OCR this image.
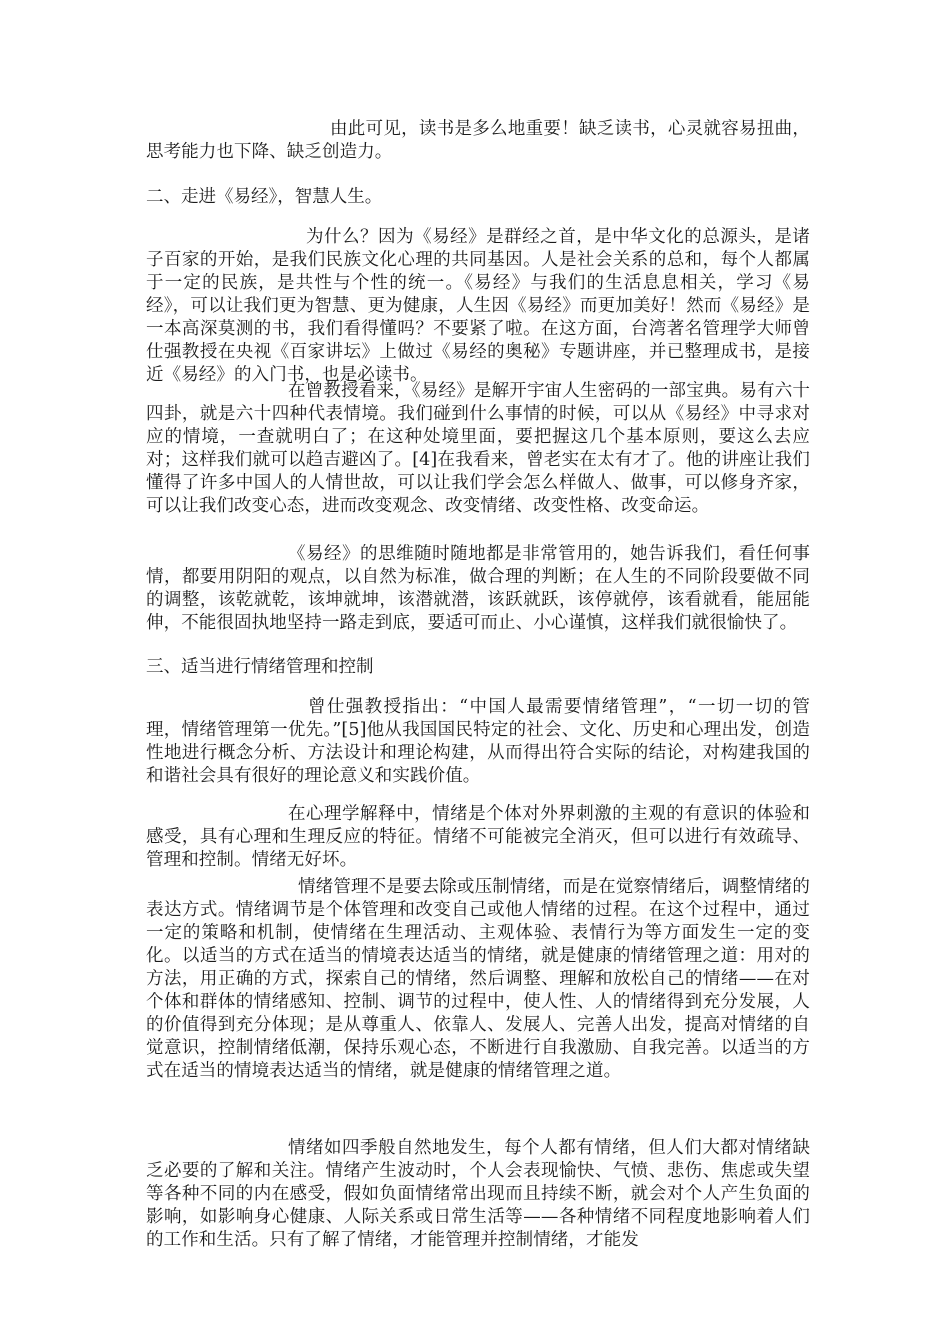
由此可见，读书是多么地重要！缺乏读书，心灵就容易扭曲，思考能力也下降、缺乏创造力。

二、走进《易经》，智慧人生。

为什么？因为《易经》是群经之首，是中华文化的总源头，是诸子百家的开始，是我们民族文化心理的共同基因。人是社会关系的总和，每个人都属于一定的民族，是共性与个性的统一。《易经》与我们的生活息息相关，学习《易经》，可以让我们更为智慧、更为健康，人生因《易经》而更加美好！然而《易经》是一本高深莫测的书，我们看得懂吗？不要紧了啦。在这方面，台湾著名管理学大师曾仕强教授在央视《百家讲坛》上做过《易经的奥秘》专题讲座，并已整理成书，是接近《易经》的入门书，也是必读书。

在曾教授看来，《易经》是解开宇宙人生密码的一部宝典。易有六十四卦，就是六十四种代表情境。我们碰到什么事情的时候，可以从《易经》中寻求对应的情境，一查就明白了；在这种处境里面，要把握这几个基本原则，要这么去应对；这样我们就可以趋吉避凶了。[4]在我看来，曾老实在太有才了。他的讲座让我们懂得了许多中国人的人情世故，可以让我们学会怎么样做人、做事，可以修身齐家，可以让我们改变心态，进而改变观念、改变情绪、改变性格、改变命运。

《易经》的思维随时随地都是非常管用的，她告诉我们，看任何事情，都要用阴阳的观点，以自然为标准，做合理的判断；在人生的不同阶段要做不同的调整，该乾就乾，该坤就坤，该潜就潜，该跃就跃，该停就停，该看就看，能屈能伸，不能很固执地坚持一路走到底，要适可而止、小心谨慎，这样我们就很愉快了。

三、适当进行情绪管理和控制

曾仕强教授指出：“中国人最需要情绪管理”，“一切一切的管理，情绪管理第一优先。”[5]他从我国国民特定的社会、文化、历史和心理出发，创造性地进行概念分析、方法设计和理论构建，从而得出符合实际的结论，对构建我国的和谐社会具有很好的理论意义和实践价值。

在心理学解释中，情绪是个体对外界刺激的主观的有意识的体验和感受，具有心理和生理反应的特征。情绪不可能被完全消灭，但可以进行有效疏导、管理和控制。情绪无好坏。

情绪管理不是要去除或压制情绪，而是在觉察情绪后，调整情绪的表达方式。情绪调节是个体管理和改变自己或他人情绪的过程。在这个过程中，通过一定的策略和机制，使情绪在生理活动、主观体验、表情行为等方面发生一定的变化。以适当的方式在适当的情境表达适当的情绪，就是健康的情绪管理之道：用对的方法，用正确的方式，探索自己的情绪，然后调整、理解和放松自己的情绪——在对个体和群体的情绪感知、控制、调节的过程中，使人性、人的情绪得到充分发展，人的价值得到充分体现；是从尊重人、依靠人、发展人、完善人出发，提高对情绪的自觉意识，控制情绪低潮，保持乐观心态，不断进行自我激励、自我完善。以适当的方式在适当的情境表达适当的情绪，就是健康的情绪管理之道。

情绪如四季般自然地发生，每个人都有情绪，但人们大都对情绪缺乏必要的了解和关注。情绪产生波动时，个人会表现愉快、气愤、悲伤、焦虑或失望等各种不同的内在感受，假如负面情绪常出现而且持续不断，就会对个人产生负面的影响，如影响身心健康、人际关系或日常生活等——各种情绪不同程度地影响着人们的工作和生活。只有了解了情绪，才能管理并控制情绪，才能发
